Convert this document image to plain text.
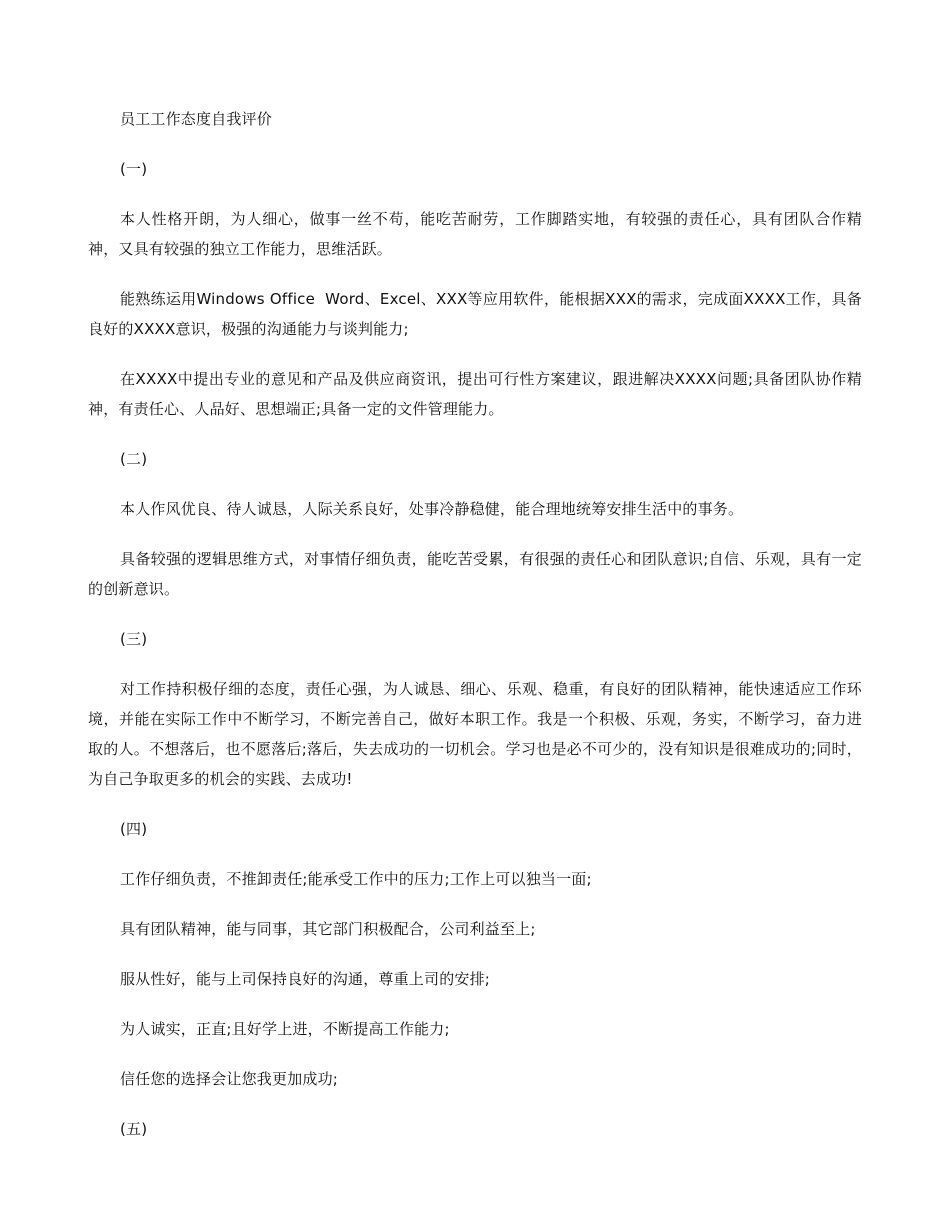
员工工作态度自我评价

(一)

本人性格开朗，为人细心，做事一丝不苟，能吃苦耐劳，工作脚踏实地，有较强的责任心，具有团队合作精神，又具有较强的独立工作能力，思维活跃。

能熟练运用Windows Office  Word、Excel、XXX等应用软件，能根据XXX的需求，完成面XXXX工作，具备良好的XXXX意识，极强的沟通能力与谈判能力;

在XXXX中提出专业的意见和产品及供应商资讯，提出可行性方案建议，跟进解决XXXX问题;具备团队协作精神，有责任心、人品好、思想端正;具备一定的文件管理能力。

(二)

本人作风优良、待人诚恳，人际关系良好，处事冷静稳健，能合理地统筹安排生活中的事务。

具备较强的逻辑思维方式，对事情仔细负责，能吃苦受累，有很强的责任心和团队意识;自信、乐观，具有一定的创新意识。

(三)

对工作持积极仔细的态度，责任心强，为人诚恳、细心、乐观、稳重，有良好的团队精神，能快速适应工作环境，并能在实际工作中不断学习，不断完善自己，做好本职工作。我是一个积极、乐观，务实，不断学习，奋力进取的人。不想落后，也不愿落后;落后，失去成功的一切机会。学习也是必不可少的，没有知识是很难成功的;同时，为自己争取更多的机会的实践、去成功!

(四)

工作仔细负责，不推卸责任;能承受工作中的压力;工作上可以独当一面;

具有团队精神，能与同事，其它部门积极配合，公司利益至上;

服从性好，能与上司保持良好的沟通，尊重上司的安排;

为人诚实，正直;且好学上进，不断提高工作能力;

信任您的选择会让您我更加成功;

(五)
